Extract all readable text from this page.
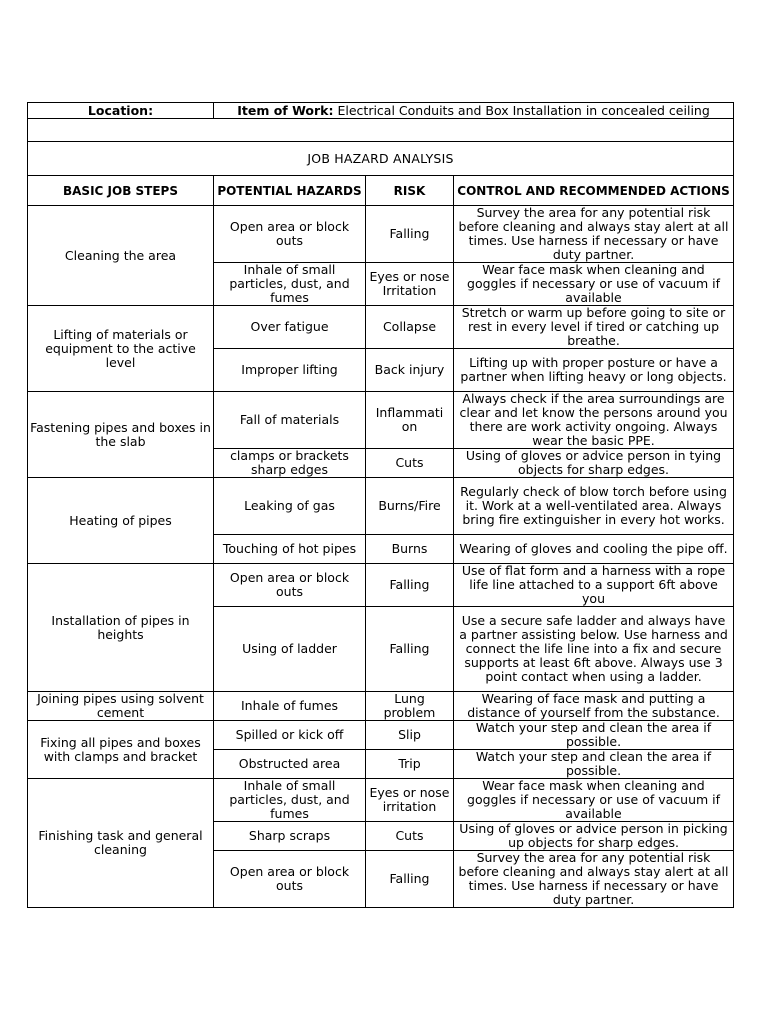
Location:	Item of Work: Electrical Conduits and Box Installation in concealed ceiling		

JOB HAZARD ANALYSIS			
BASIC JOB STEPS	POTENTIAL HAZARDS	RISK	CONTROL AND RECOMMENDED ACTIONS
Cleaning the area	Open area or block outs	Falling	Survey the area for any potential risk before cleaning and always stay alert at all times. Use harness if necessary or have duty partner.
	Inhale of small particles, dust, and fumes	Eyes or nose Irritation	Wear face mask when cleaning and goggles if necessary or use of vacuum if available
Lifting of materials or equipment to the active level	Over fatigue	Collapse	Stretch or warm up before going to site or rest in every level if tired or catching up breathe.
	Improper lifting	Back injury	Lifting up with proper posture or have a partner when lifting heavy or long objects.
Fastening pipes and boxes in the slab	Fall of materials	Inflammati on	Always check if the area surroundings are clear and let know the persons around you there are work activity ongoing. Always wear the basic PPE.
	clamps or brackets sharp edges	Cuts	Using of gloves or advice person in tying objects for sharp edges.
Heating of pipes	Leaking of gas	Burns/Fire	Regularly check of blow torch before using it. Work at a well-ventilated area. Always bring fire extinguisher in every hot works.
	Touching of hot pipes	Burns	Wearing of gloves and cooling the pipe off.
Installation of pipes in heights	Open area or block outs	Falling	Use of flat form and a harness with a rope life line attached to a support 6ft above you
	Using of ladder	Falling	Use a secure safe ladder and always have a partner assisting below. Use harness and connect the life line into a fix and secure supports at least 6ft above. Always use 3 point contact when using a ladder.
Joining pipes using solvent cement	Inhale of fumes	Lung problem	Wearing of face mask and putting a distance of yourself from the substance.
Fixing all pipes and boxes with clamps and bracket	Spilled or kick off	Slip	Watch your step and clean the area if possible.
	Obstructed area	Trip	Watch your step and clean the area if possible.
Finishing task and general cleaning	Inhale of small particles, dust, and fumes	Eyes or nose irritation	Wear face mask when cleaning and goggles if necessary or use of vacuum if available
	Sharp scraps	Cuts	Using of gloves or advice person in picking up objects for sharp edges.
	Open area or block outs	Falling	Survey the area for any potential risk before cleaning and always stay alert at all times. Use harness if necessary or have duty partner.
